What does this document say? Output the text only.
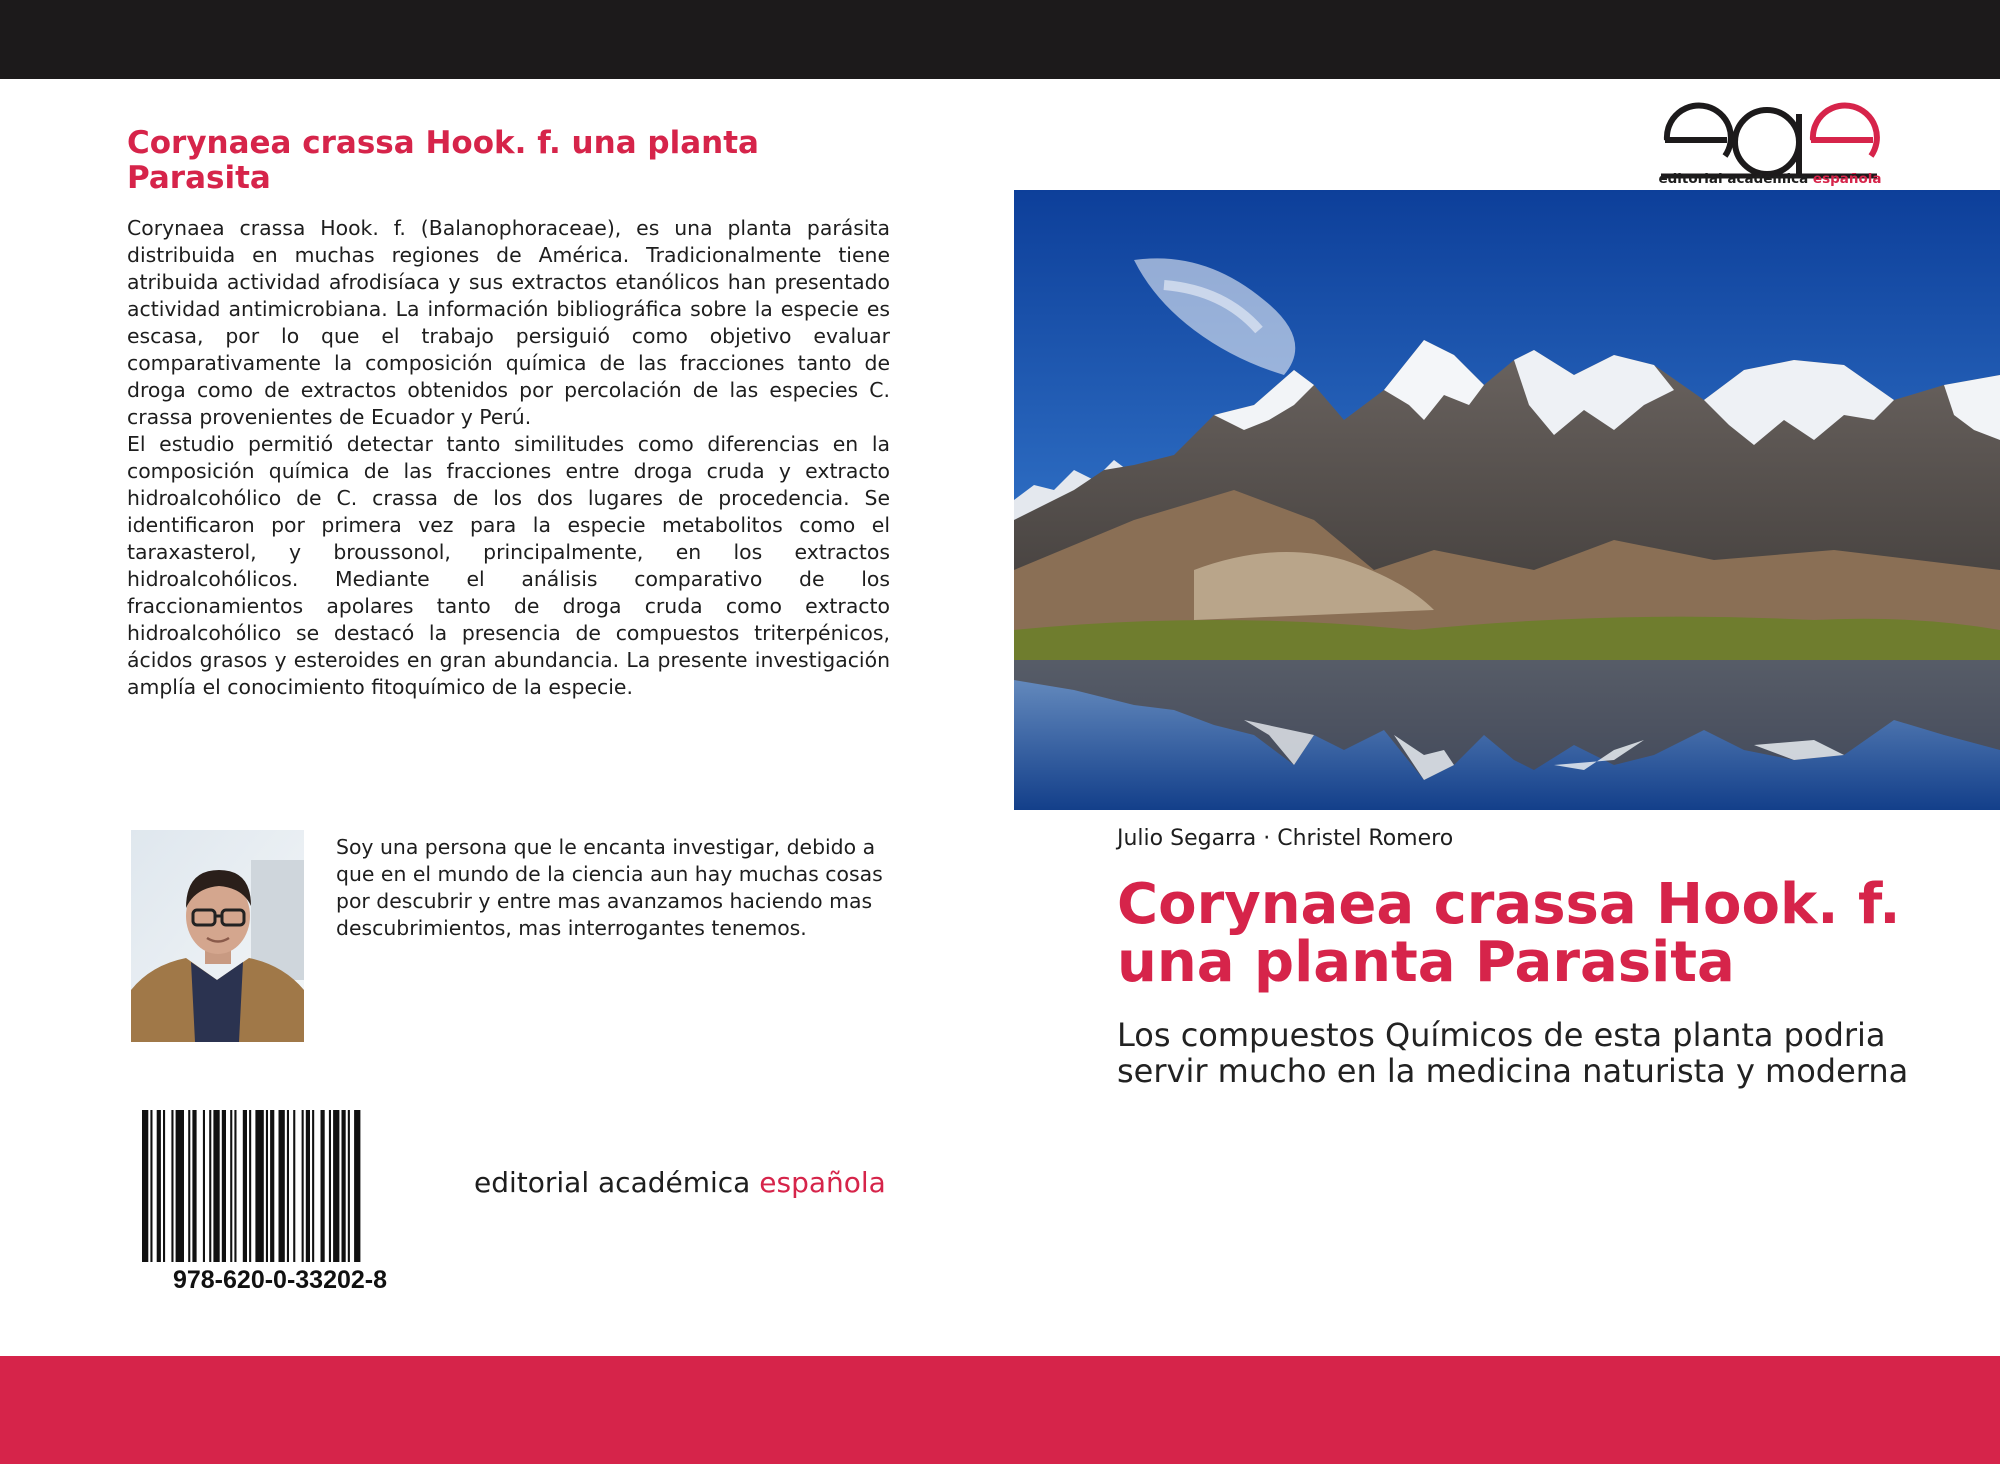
Corynaea crassa Hook. f. una planta Parasita

Corynaea crassa Hook. f. (Balanophoraceae), es una planta parásita distribuida en muchas regiones de América. Tradicionalmente tiene atribuida actividad afrodisíaca y sus extractos etanólicos han presentado actividad antimicrobiana. La información bibliográfica sobre la especie es escasa, por lo que el trabajo persiguió como objetivo evaluar comparativamente la composición química de las fracciones tanto de droga como de extractos obtenidos por percolación de las especies C. crassa provenientes de Ecuador y Perú.

El estudio permitió detectar tanto similitudes como diferencias en la composición química de las fracciones entre droga cruda y extracto hidroalcohólico de C. crassa de los dos lugares de procedencia. Se identificaron por primera vez para la especie metabolitos como el taraxasterol, y broussonol, principalmente, en los extractos hidroalcohólicos. Mediante el análisis comparativo de los fraccionamientos apolares tanto de droga cruda como extracto hidroalcohólico se destacó la presencia de compuestos triterpénicos, ácidos grasos y esteroides en gran abundancia. La presente investigación amplía el conocimiento fitoquímico de la especie.

Soy una persona que le encanta investigar, debido a que en el mundo de la ciencia aun hay muchas cosas por descubrir y entre mas avanzamos haciendo mas descubrimientos, mas interrogantes tenemos.

978-620-0-33202-8
editorial académica española
editorial académica española
Julio Segarra · Christel Romero
Corynaea crassa Hook. f. una planta Parasita

Los compuestos Químicos de esta planta podria servir mucho en la medicina naturista y moderna
